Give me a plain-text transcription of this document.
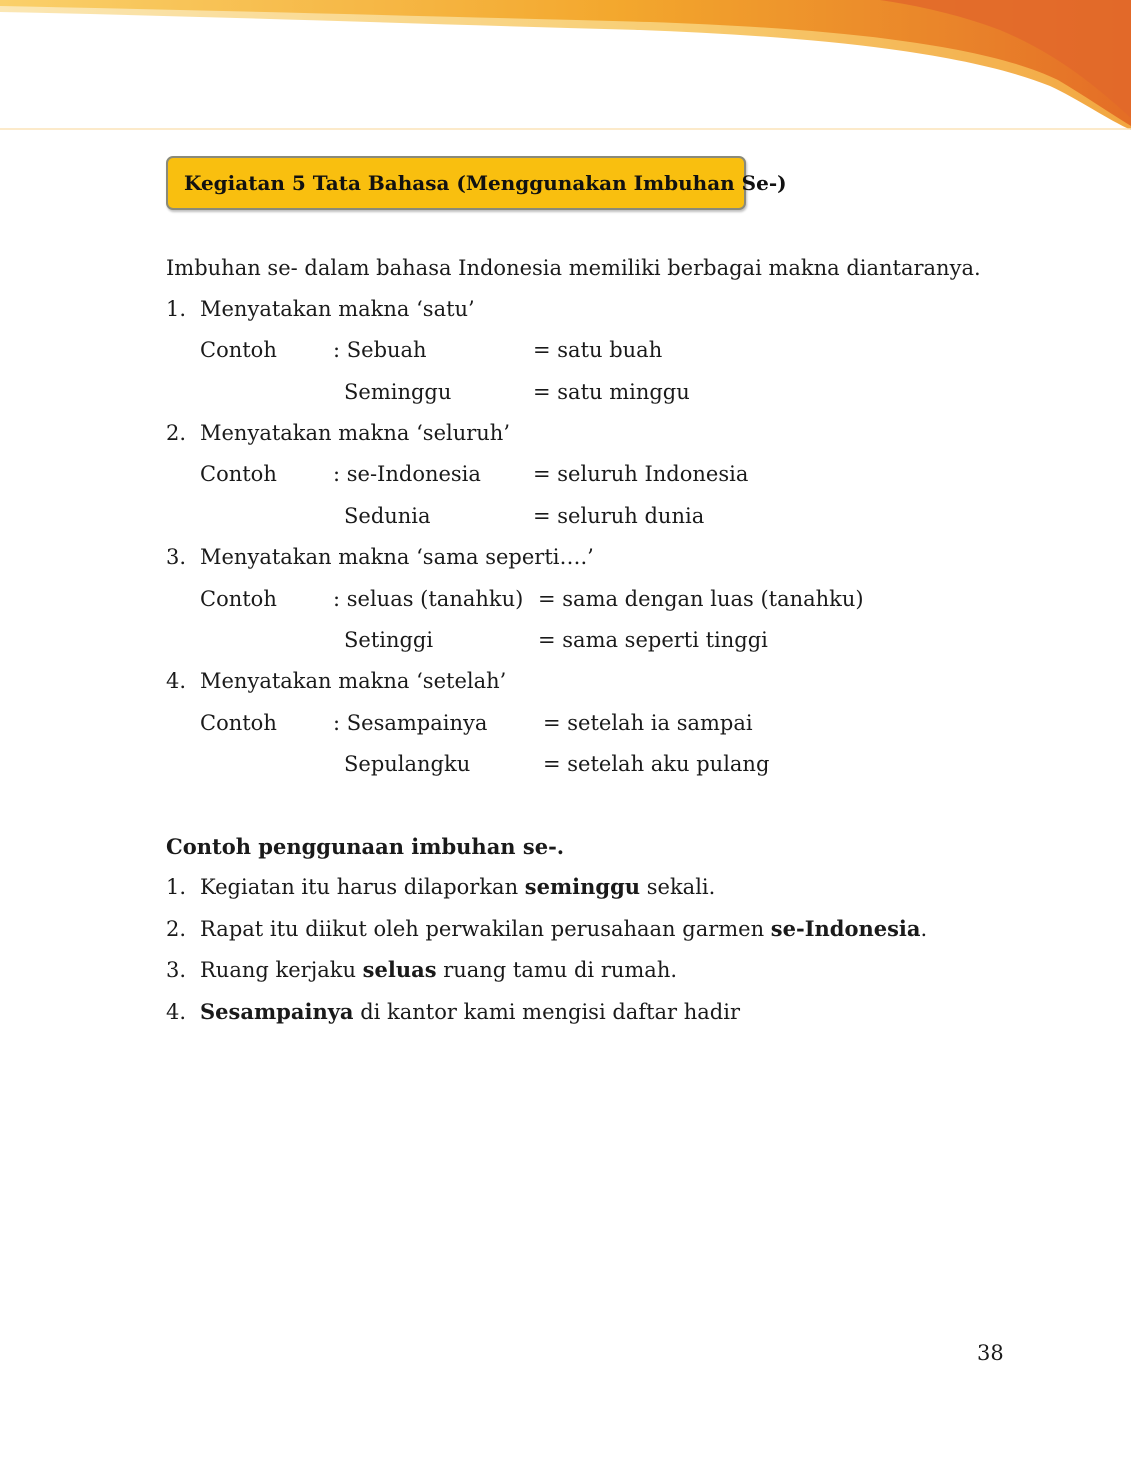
Kegiatan 5 Tata Bahasa (Menggunakan Imbuhan Se-)
Imbuhan se- dalam bahasa Indonesia memiliki berbagai makna diantaranya.
1. Menyatakan makna ‘satu’
Contoh	: Sebuah	= satu buah
Seminggu	= satu minggu
2. Menyatakan makna ‘seluruh’
Contoh	: se-Indonesia = seluruh Indonesia
Sedunia	= seluruh dunia
3. Menyatakan makna ‘sama seperti….’
Contoh	: seluas (tanahku) = sama dengan luas (tanahku)
Setinggi	= sama seperti tinggi
4. Menyatakan makna ‘setelah’
Contoh	: Sesampainya	= setelah ia sampai
Sepulangku	= setelah aku pulang
Contoh penggunaan imbuhan se-.
1. Kegiatan itu harus dilaporkan seminggu sekali.
2. Rapat itu diikut oleh perwakilan perusahaan garmen se-Indonesia.
3. Ruang kerjaku seluas ruang tamu di rumah.
4. Sesampainya di kantor kami mengisi daftar hadir
38
